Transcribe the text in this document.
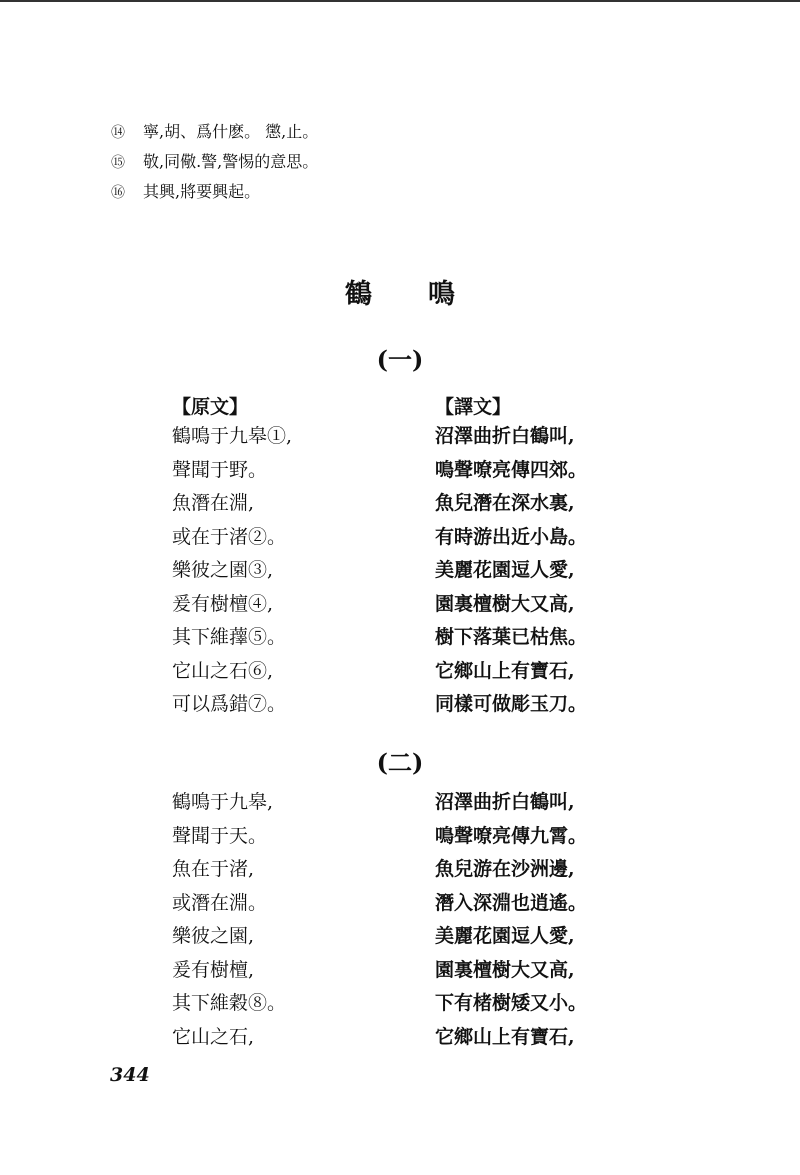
⑭ 寧,胡、爲什麽。 懲,止。
⑮ 敬,同儆.警,警惕的意思。
⑯ 其興,將要興起。
鶴鳴
(一)
【原文】
鶴鳴于九皋①,
聲聞于野。
魚潛在淵,
或在于渚②。
樂彼之園③,
爰有樹檀④,
其下維蘀⑤。
它山之石⑥,
可以爲錯⑦。
【譯文】
沼澤曲折白鶴叫,
鳴聲嘹亮傳四郊。
魚兒潛在深水裏,
有時游出近小島。
美麗花園逗人愛,
園裏檀樹大又高,
樹下落葉已枯焦。
它鄉山上有寶石,
同樣可做彫玉刀。
(二)
鶴鳴于九皋,
聲聞于天。
魚在于渚,
或潛在淵。
樂彼之園,
爰有樹檀,
其下維穀⑧。
它山之石,
沼澤曲折白鶴叫,
鳴聲嘹亮傳九霄。
魚兒游在沙洲邊,
潛入深淵也逍遙。
美麗花園逗人愛,
園裏檀樹大又高,
下有楮樹矮又小。
它鄉山上有寶石,
344
